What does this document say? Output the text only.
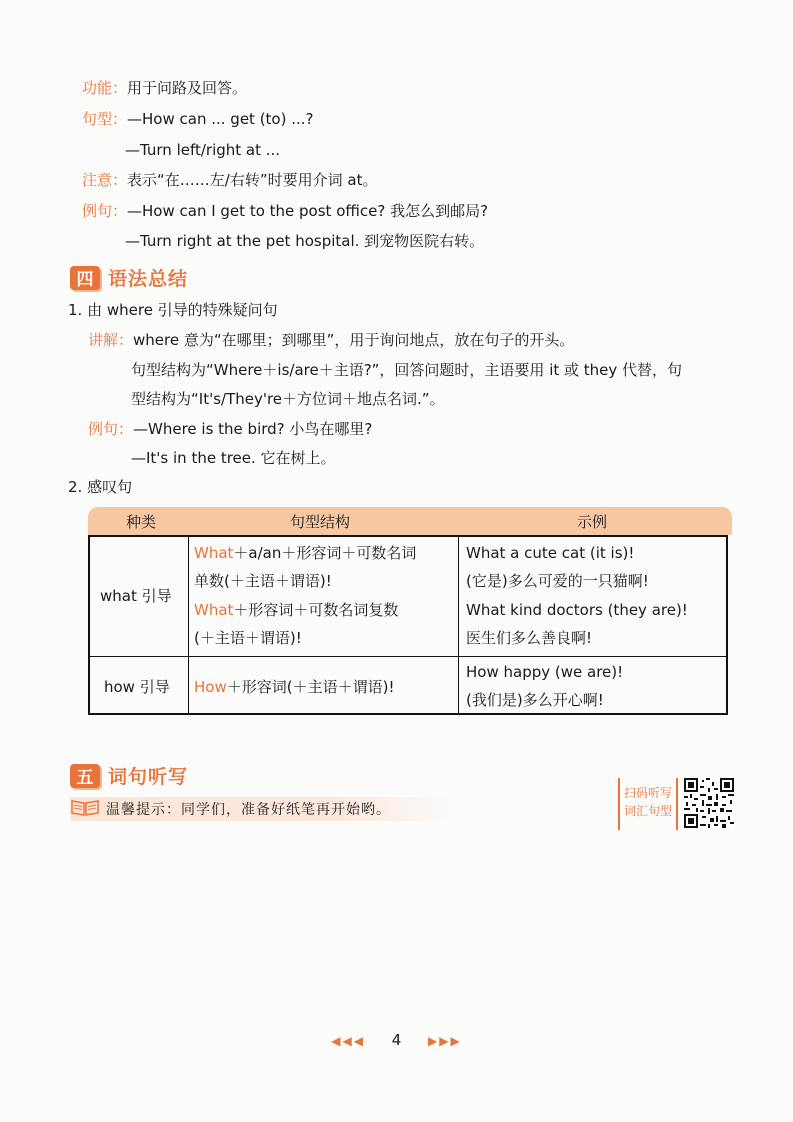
功能：用于问路及回答。
句型：—How can ... get (to) ...?
—Turn left/right at ...
注意：表示“在……左/右转”时要用介词 at。
例句：—How can I get to the post office? 我怎么到邮局?
—Turn right at the pet hospital. 到宠物医院右转。
四 语法总结
1. 由 where 引导的特殊疑问句
讲解：where 意为“在哪里；到哪里”，用于询问地点，放在句子的开头。
句型结构为“Where＋is/are＋主语?”，回答问题时，主语要用 it 或 they 代替，句
型结构为“It's/They're＋方位词＋地点名词.”。
例句：—Where is the bird? 小鸟在哪里?
—It's in the tree. 它在树上。
2. 感叹句
种类	句型结构	示例
what 引导
What＋a/an＋形容词＋可数名词
单数(＋主语＋谓语)!
What＋形容词＋可数名词复数
(＋主语＋谓语)!
What a cute cat (it is)!
(它是)多么可爱的一只猫啊!
What kind doctors (they are)!
医生们多么善良啊!
how 引导 How＋形容词(＋主语＋谓语)!
How happy (we are)!
(我们是)多么开心啊!
五 词句听写
温馨提示：同学们，准备好纸笔再开始哟。
扫码听写
词汇句型
◀◀◀ 4 ▶▶▶
